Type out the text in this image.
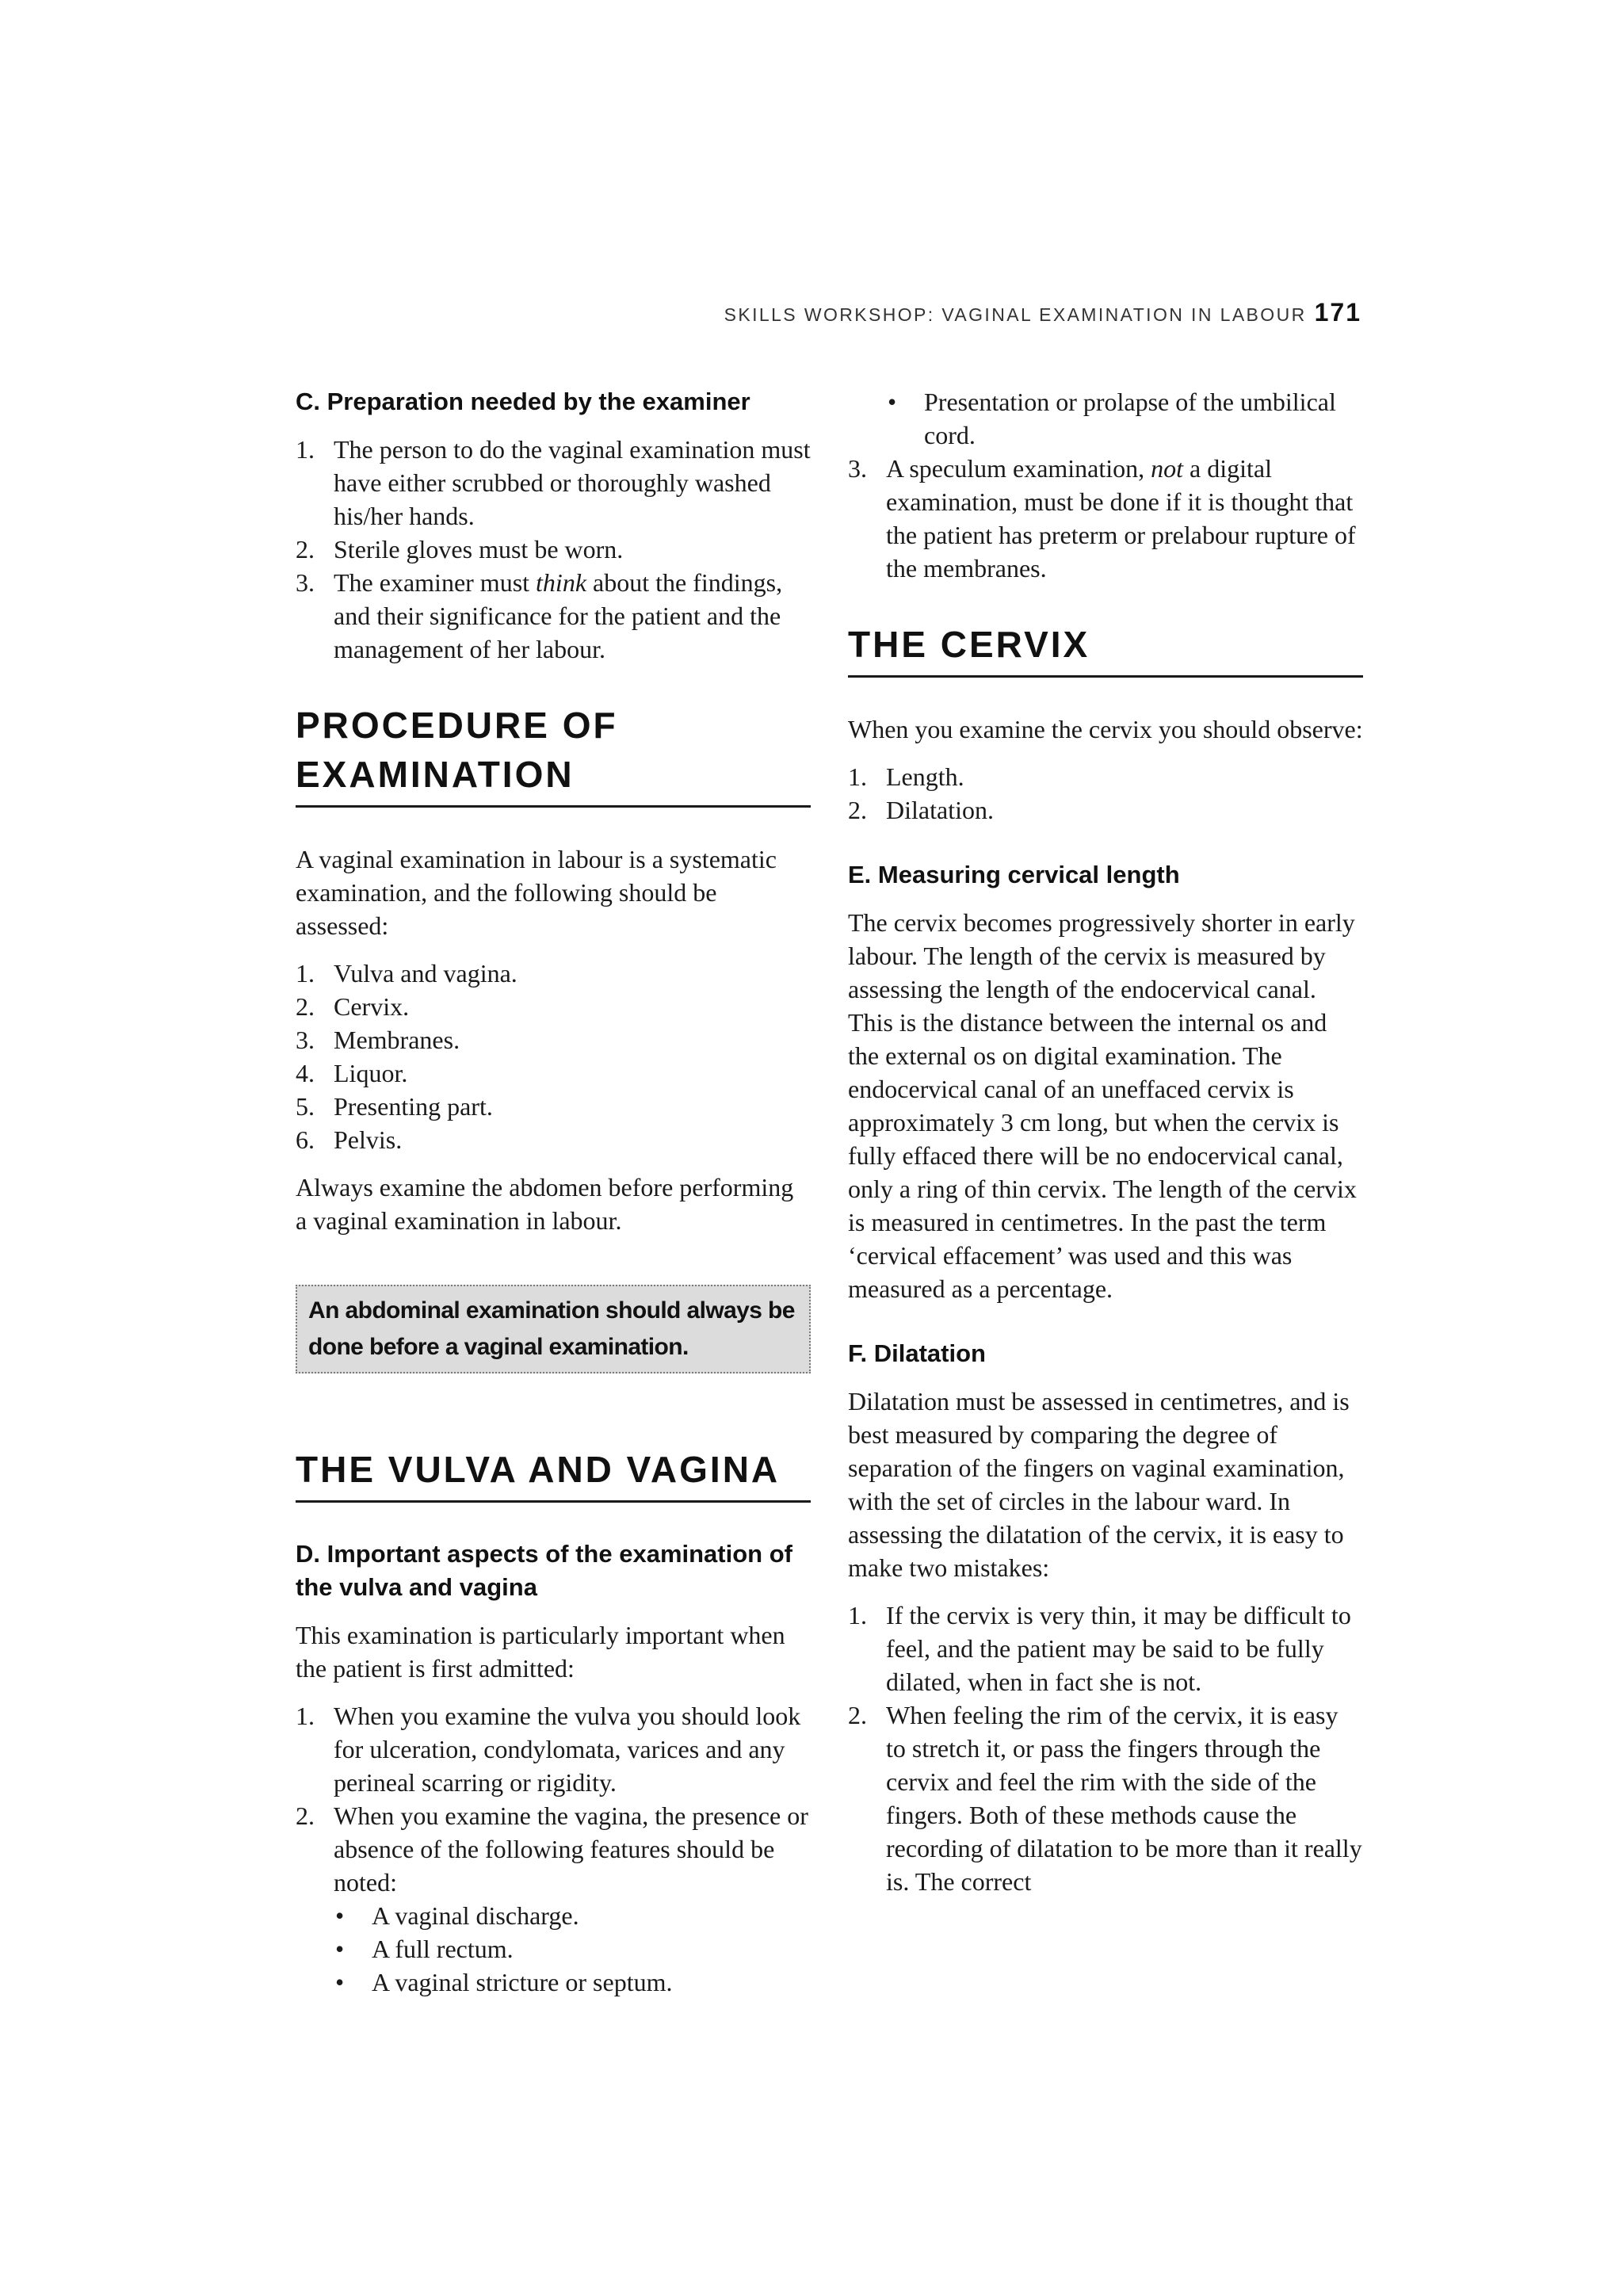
SKILLS WORKSHOP: VAGINAL EXAMINATION IN LABOUR 171
C. Preparation needed by the examiner
1. The person to do the vaginal examination must have either scrubbed or thoroughly washed his/her hands.
2. Sterile gloves must be worn.
3. The examiner must think about the findings, and their significance for the patient and the management of her labour.
PROCEDURE OF EXAMINATION

A vaginal examination in labour is a systematic examination, and the following should be assessed:

1. Vulva and vagina.
2. Cervix.
3. Membranes.
4. Liquor.
5. Presenting part.
6. Pelvis.

Always examine the abdomen before performing a vaginal examination in labour.

An abdominal examination should always be done before a vaginal examination.
THE VULVA AND VAGINA
D. Important aspects of the examination of the vulva and vagina

This examination is particularly important when the patient is first admitted:

1. When you examine the vulva you should look for ulceration, condylomata, varices and any perineal scarring or rigidity.
2. When you examine the vagina, the presence or absence of the following features should be noted:
• A vaginal discharge.
• A full rectum.
• A vaginal stricture or septum.
• Presentation or prolapse of the umbilical cord.
3. A speculum examination, not a digital examination, must be done if it is thought that the patient has preterm or prelabour rupture of the membranes.
THE CERVIX

When you examine the cervix you should observe:

1. Length.
2. Dilatation.
E. Measuring cervical length

The cervix becomes progressively shorter in early labour. The length of the cervix is measured by assessing the length of the endocervical canal. This is the distance between the internal os and the external os on digital examination. The endocervical canal of an uneffaced cervix is approximately 3 cm long, but when the cervix is fully effaced there will be no endocervical canal, only a ring of thin cervix. The length of the cervix is measured in centimetres. In the past the term ‘cervical effacement’ was used and this was measured as a percentage.

F. Dilatation

Dilatation must be assessed in centimetres, and is best measured by comparing the degree of separation of the fingers on vaginal examination, with the set of circles in the labour ward. In assessing the dilatation of the cervix, it is easy to make two mistakes:

1. If the cervix is very thin, it may be difficult to feel, and the patient may be said to be fully dilated, when in fact she is not.
2. When feeling the rim of the cervix, it is easy to stretch it, or pass the fingers through the cervix and feel the rim with the side of the fingers. Both of these methods cause the recording of dilatation to be more than it really is. The correct
